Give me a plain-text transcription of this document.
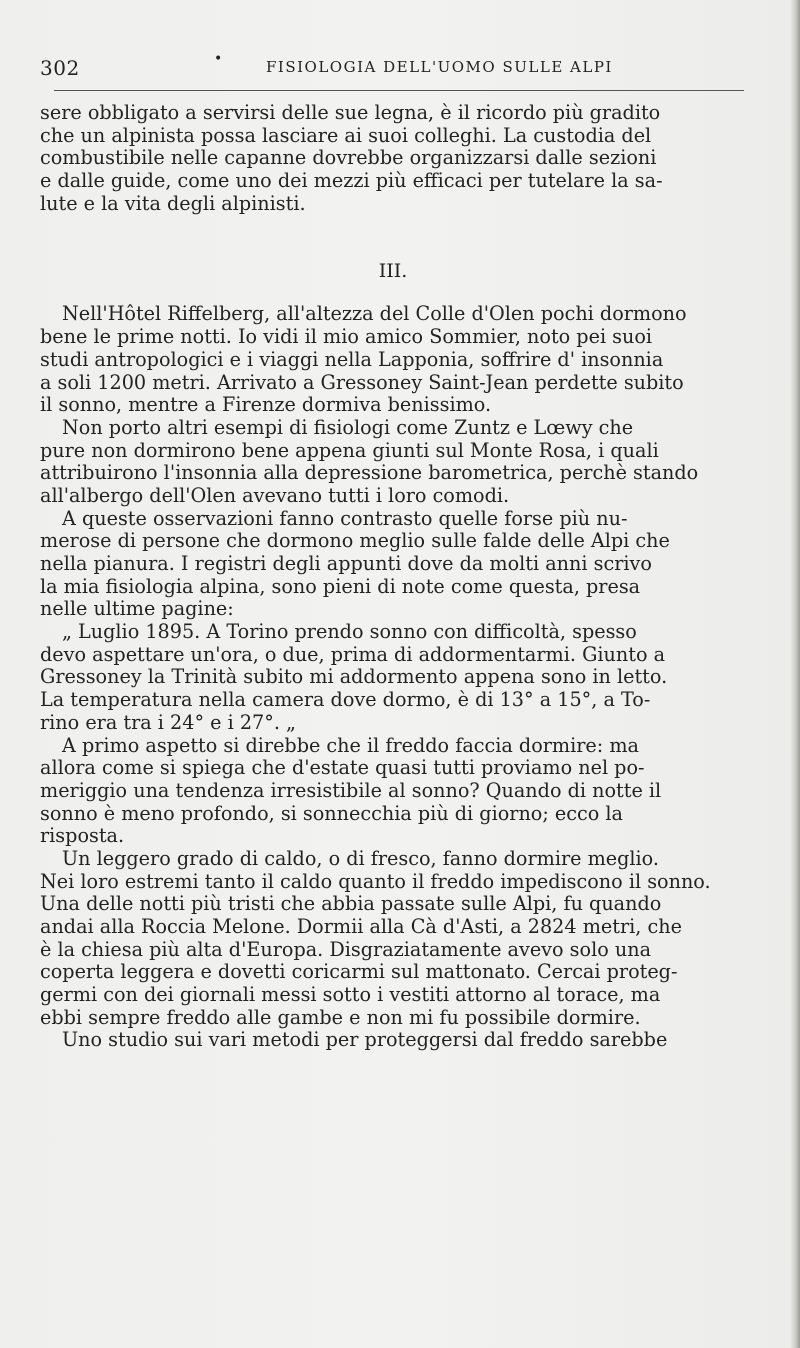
302	•	FISIOLOGIA DELL'UOMO SULLE ALPI
sere obbligato a servirsi delle sue legna, è il ricordo più gradito
che un alpinista possa lasciare ai suoi colleghi. La custodia del
combustibile nelle capanne dovrebbe organizzarsi dalle sezioni
e dalle guide, come uno dei mezzi più efficaci per tutelare la sa-
lute e la vita degli alpinisti.
III.
Nell'Hôtel Riffelberg, all'altezza del Colle d'Olen pochi dormono
bene le prime notti. Io vidi il mio amico Sommier, noto pei suoi
studi antropologici e i viaggi nella Lapponia, soffrire d' insonnia
a soli 1200 metri. Arrivato a Gressoney Saint-Jean perdette subito
il sonno, mentre a Firenze dormiva benissimo.
Non porto altri esempi di fisiologi come Zuntz e Lœwy che
pure non dormirono bene appena giunti sul Monte Rosa, i quali
attribuirono l'insonnia alla depressione barometrica, perchè stando
all'albergo dell'Olen avevano tutti i loro comodi.
A queste osservazioni fanno contrasto quelle forse più nu-
merose di persone che dormono meglio sulle falde delle Alpi che
nella pianura. I registri degli appunti dove da molti anni scrivo
la mia fisiologia alpina, sono pieni di note come questa, presa
nelle ultime pagine:
„ Luglio 1895. A Torino prendo sonno con difficoltà, spesso
devo aspettare un'ora, o due, prima di addormentarmi. Giunto a
Gressoney la Trinità subito mi addormento appena sono in letto.
La temperatura nella camera dove dormo, è di 13° a 15°, a To-
rino era tra i 24° e i 27°. „
A primo aspetto si direbbe che il freddo faccia dormire: ma
allora come si spiega che d'estate quasi tutti proviamo nel po-
meriggio una tendenza irresistibile al sonno? Quando di notte il
sonno è meno profondo, si sonnecchia più di giorno; ecco la
risposta.
Un leggero grado di caldo, o di fresco, fanno dormire meglio.
Nei loro estremi tanto il caldo quanto il freddo impediscono il sonno.
Una delle notti più tristi che abbia passate sulle Alpi, fu quando
andai alla Roccia Melone. Dormii alla Cà d'Asti, a 2824 metri, che
è la chiesa più alta d'Europa. Disgraziatamente avevo solo una
coperta leggera e dovetti coricarmi sul mattonato. Cercai proteg-
germi con dei giornali messi sotto i vestiti attorno al torace, ma
ebbi sempre freddo alle gambe e non mi fu possibile dormire.
Uno studio sui vari metodi per proteggersi dal freddo sarebbe
